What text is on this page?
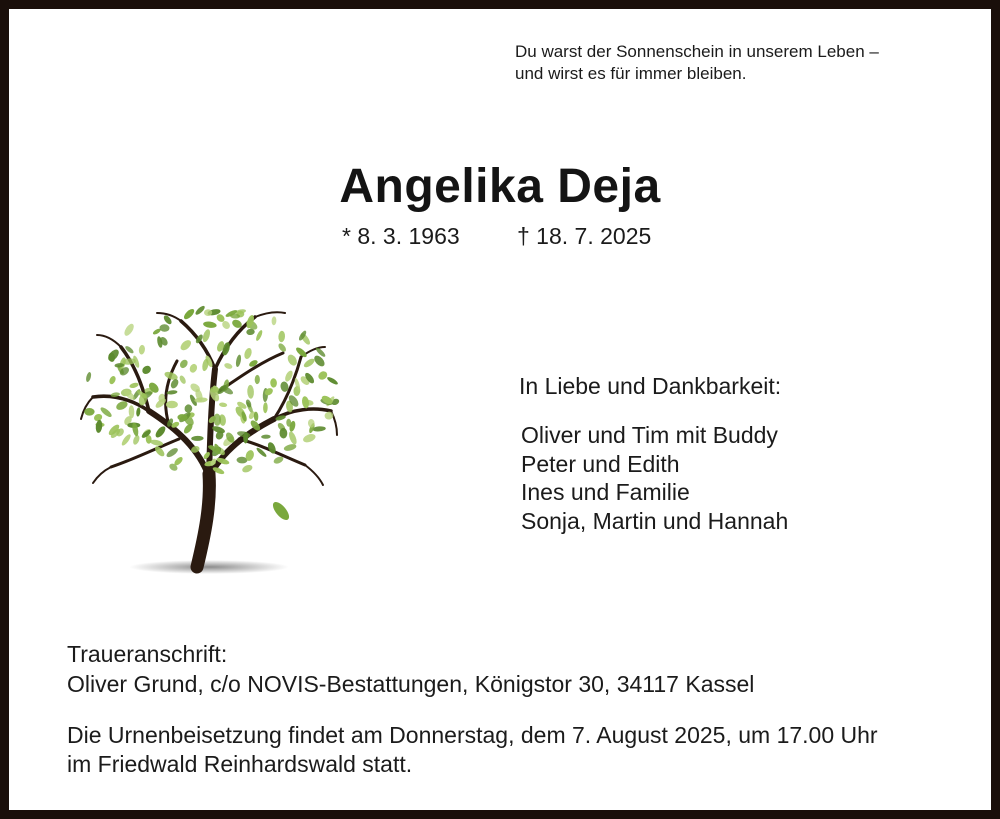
Du warst der Sonnenschein in unserem Leben –
und wirst es für immer bleiben.
Angelika Deja
* 8. 3. 1963 † 18. 7. 2025
In Liebe und Dankbarkeit:
Oliver und Tim mit Buddy
Peter und Edith
Ines und Familie
Sonja, Martin und Hannah
Traueranschrift:
Oliver Grund, c/o NOVIS-Bestattungen, Königstor 30, 34117 Kassel
Die Urnenbeisetzung findet am Donnerstag, dem 7. August 2025, um 17.00 Uhr
im Friedwald Reinhardswald statt.
